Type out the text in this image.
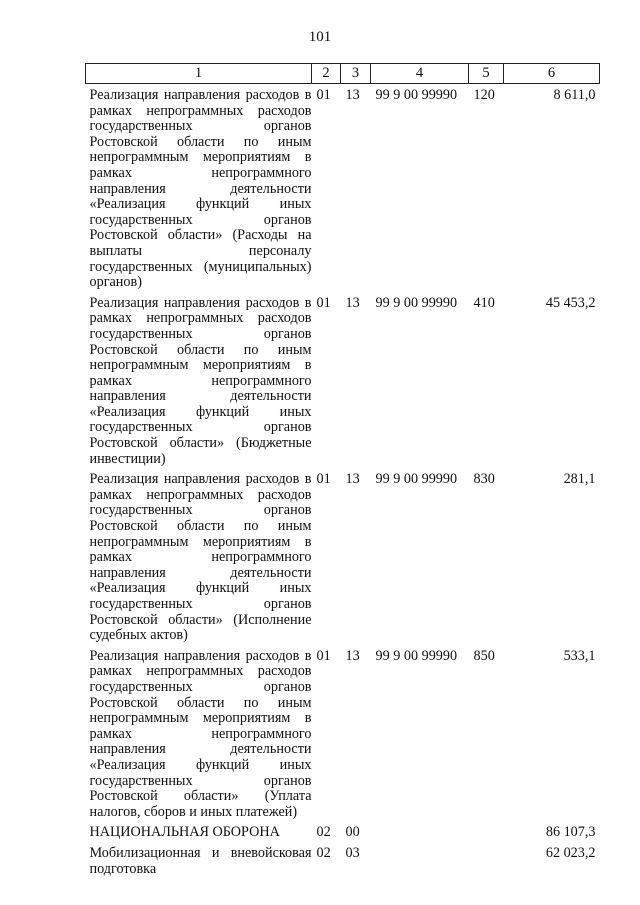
101
1	2	3	4	5	6
Реализация направления расходов в рамках непрограммных расходов государственных органов Ростовской области по иным непрограммным мероприятиям в рамках непрограммного направления деятельности «Реализация функций иных государственных органов Ростовской области» (Расходы на выплаты персоналу государственных (муниципальных) органов)	01	13	99 9 00 99990	120	8 611,0
Реализация направления расходов в рамках непрограммных расходов государственных органов Ростовской области по иным непрограммным мероприятиям в рамках непрограммного направления деятельности «Реализация функций иных государственных органов Ростовской области» (Бюджетные инвестиции)	01	13	99 9 00 99990	410	45 453,2
Реализация направления расходов в рамках непрограммных расходов государственных органов Ростовской области по иным непрограммным мероприятиям в рамках непрограммного направления деятельности «Реализация функций иных государственных органов Ростовской области» (Исполнение судебных актов)	01	13	99 9 00 99990	830	281,1
Реализация направления расходов в рамках непрограммных расходов государственных органов Ростовской области по иным непрограммным мероприятиям в рамках непрограммного направления деятельности «Реализация функций иных государственных органов Ростовской области» (Уплата налогов, сборов и иных платежей)	01	13	99 9 00 99990	850	533,1
НАЦИОНАЛЬНАЯ ОБОРОНА	02	00			86 107,3
Мобилизационная и вневойсковая подготовка	02	03			62 023,2
